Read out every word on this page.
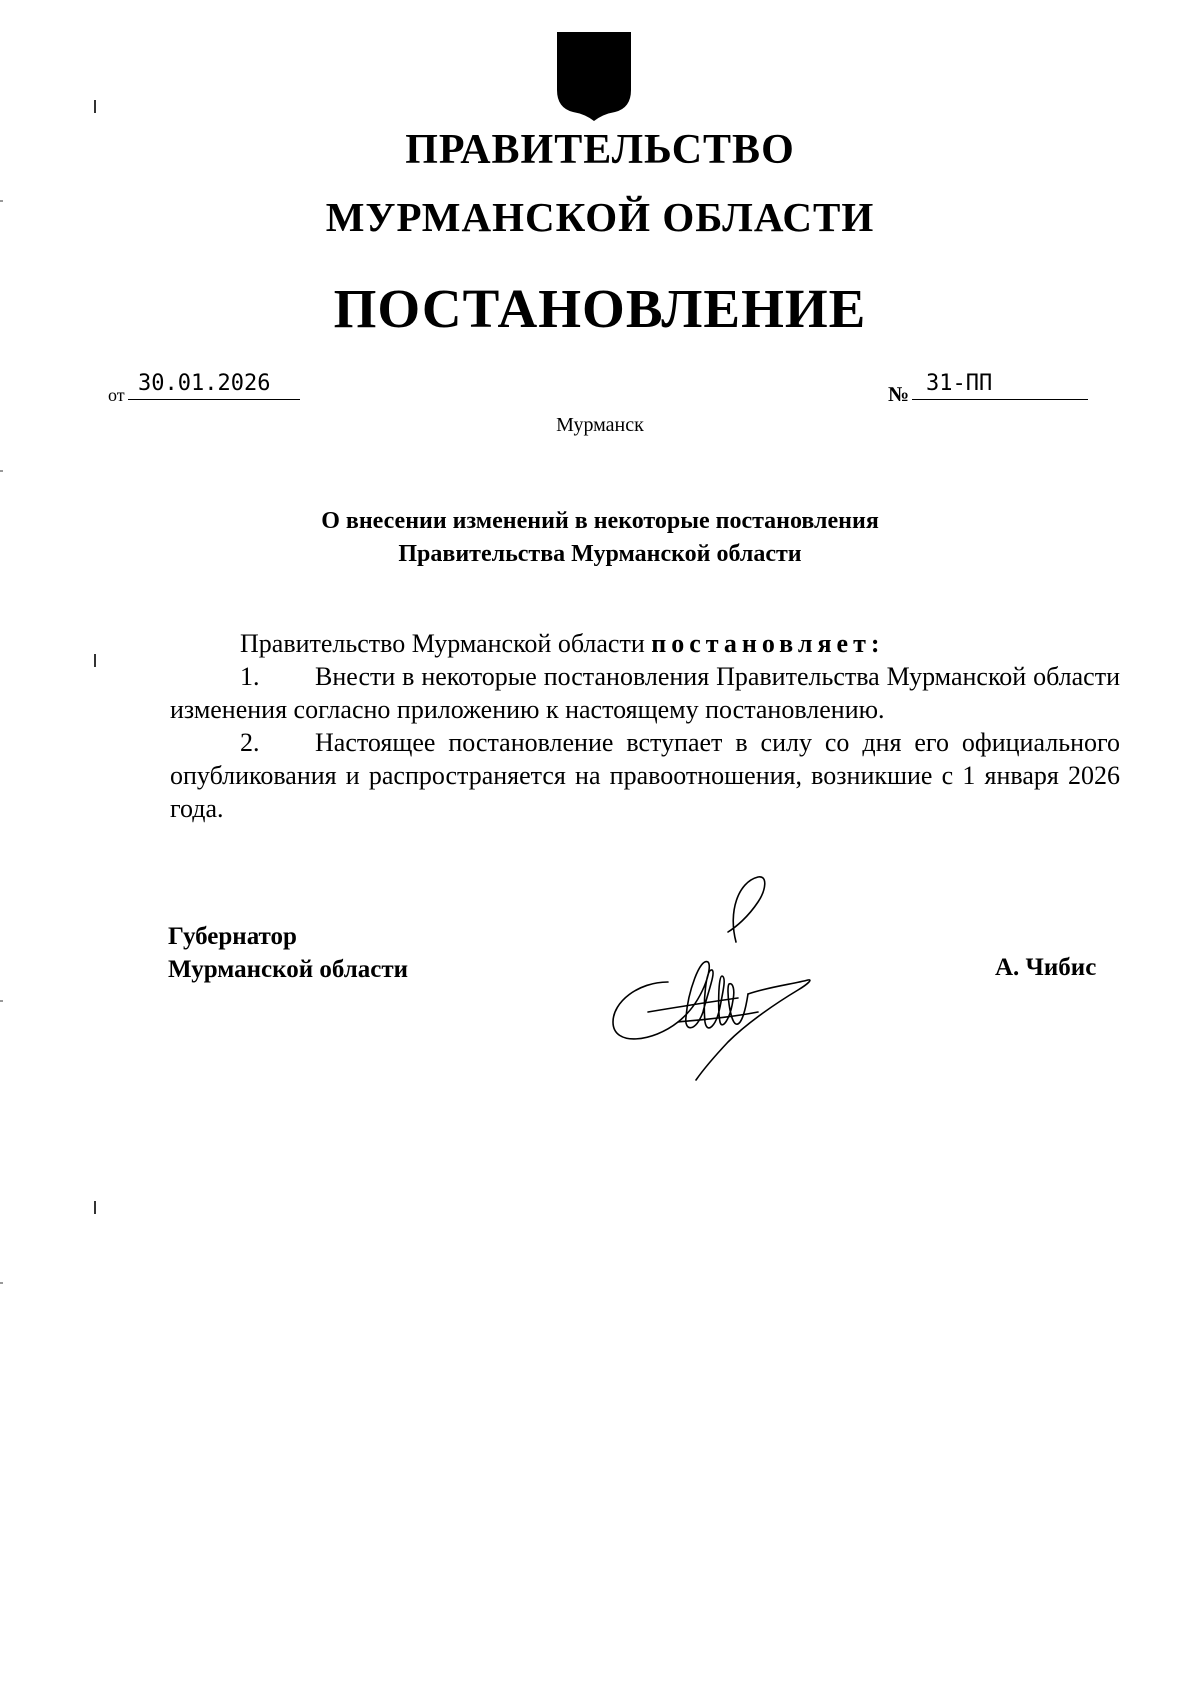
ПРАВИТЕЛЬСТВО
МУРМАНСКОЙ ОБЛАСТИ
ПОСТАНОВЛЕНИЕ
от 30.01.2026	№ 31-ПП
Мурманск
О внесении изменений в некоторые постановления
Правительства Мурманской области
Правительство Мурманской области постановляет:
1. Внести в некоторые постановления Правительства Мурманской области изменения согласно приложению к настоящему постановлению.
2. Настоящее постановление вступает в силу со дня его официального опубликования и распространяется на правоотношения, возникшие с 1 января 2026 года.
Губернатор
Мурманской области	А. Чибис
